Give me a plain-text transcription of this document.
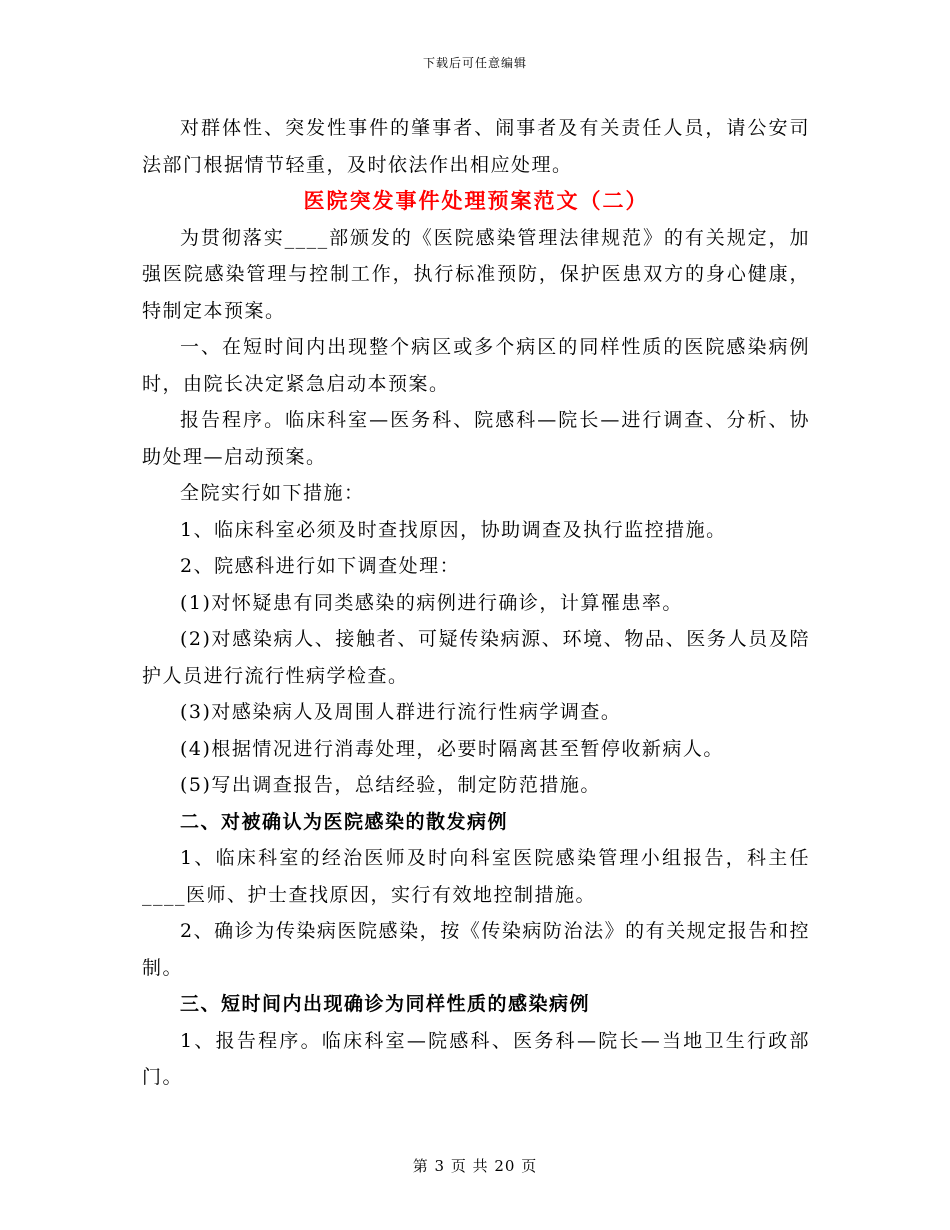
下载后可任意编辑

对群体性、突发性事件的肇事者、闹事者及有关责任人员，请公安司法部门根据情节轻重，及时依法作出相应处理。

医院突发事件处理预案范文（二）

为贯彻落实____部颁发的《医院感染管理法律规范》的有关规定，加强医院感染管理与控制工作，执行标准预防，保护医患双方的身心健康，特制定本预案。

一、在短时间内出现整个病区或多个病区的同样性质的医院感染病例时，由院长决定紧急启动本预案。

报告程序。临床科室—医务科、院感科—院长—进行调查、分析、协助处理—启动预案。

全院实行如下措施：

1、临床科室必须及时查找原因，协助调查及执行监控措施。

2、院感科进行如下调查处理：

(1)对怀疑患有同类感染的病例进行确诊，计算罹患率。

(2)对感染病人、接触者、可疑传染病源、环境、物品、医务人员及陪护人员进行流行性病学检查。

(3)对感染病人及周围人群进行流行性病学调查。

(4)根据情况进行消毒处理，必要时隔离甚至暂停收新病人。

(5)写出调查报告，总结经验，制定防范措施。

二、对被确认为医院感染的散发病例

1、临床科室的经治医师及时向科室医院感染管理小组报告，科主任____医师、护士查找原因，实行有效地控制措施。

2、确诊为传染病医院感染，按《传染病防治法》的有关规定报告和控制。

三、短时间内出现确诊为同样性质的感染病例

1、报告程序。临床科室—院感科、医务科—院长—当地卫生行政部门。

第 3 页 共 20 页
